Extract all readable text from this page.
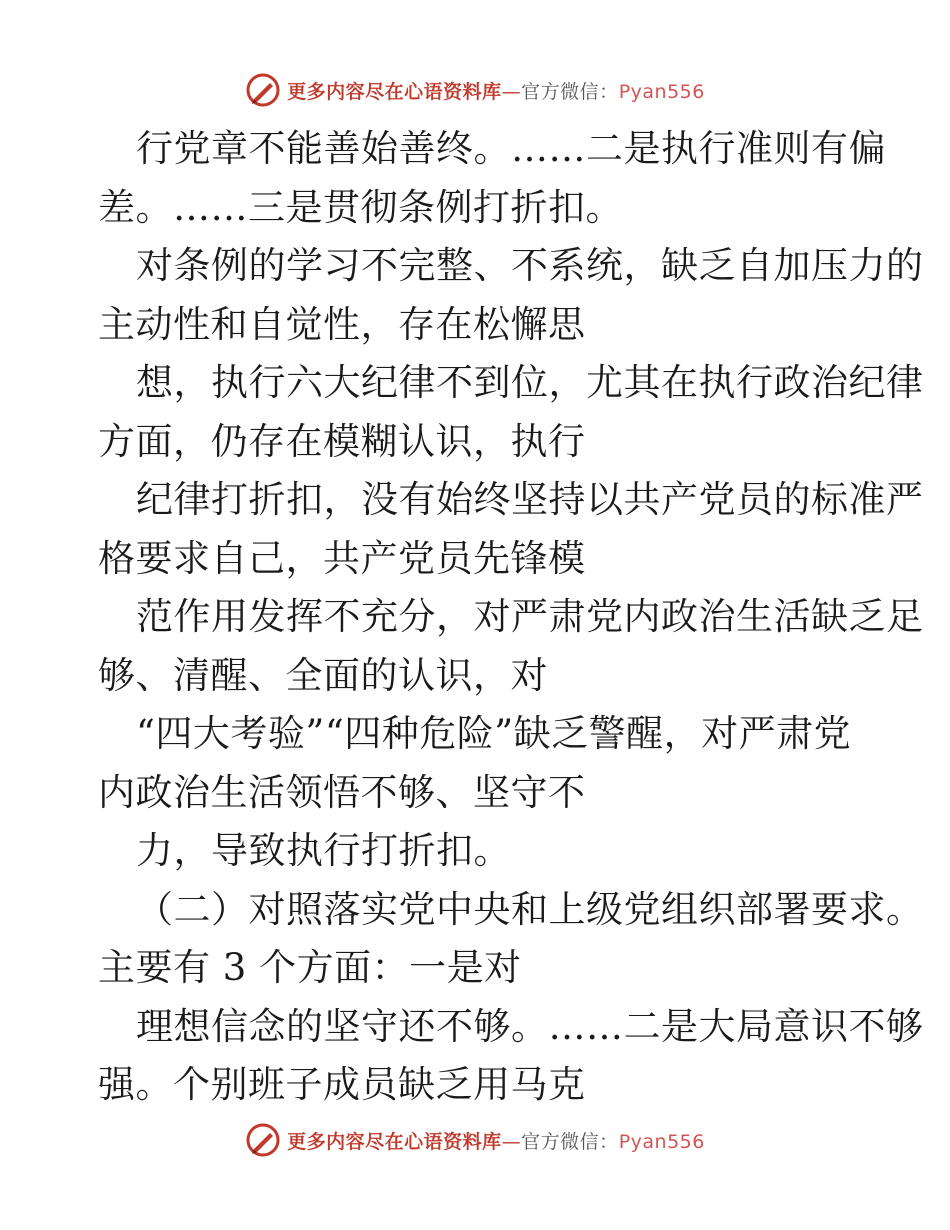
更多内容尽在心语资料库—官方微信：Pyan556
行党章不能善始善终。……二是执行准则有偏
差。……三是贯彻条例打折扣。
对条例的学习不完整、不系统，缺乏自加压力的
主动性和自觉性，存在松懈思
想，执行六大纪律不到位，尤其在执行政治纪律
方面，仍存在模糊认识，执行
纪律打折扣，没有始终坚持以共产党员的标准严
格要求自己，共产党员先锋模
范作用发挥不充分，对严肃党内政治生活缺乏足
够、清醒、全面的认识，对
“四大考验”“四种危险”缺乏警醒，对严肃党
内政治生活领悟不够、坚守不
力，导致执行打折扣。
（二）对照落实党中央和上级党组织部署要求。
主要有 3 个方面：一是对
理想信念的坚守还不够。……二是大局意识不够
强。个别班子成员缺乏用马克
更多内容尽在心语资料库—官方微信：Pyan556
